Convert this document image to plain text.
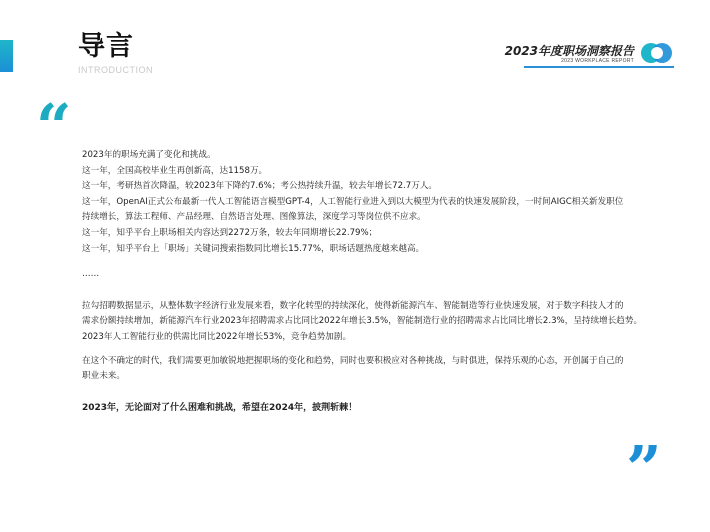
导言
INTRODUCTION
2023年度职场洞察报告
2023 WORKPLACE REPORT
“ 2023年的职场充满了变化和挑战。

这一年，全国高校毕业生再创新高，达1158万。

这一年，考研热首次降温，较2023年下降约7.6%；考公热持续升温，较去年增长72.7万人。

这一年，OpenAI正式公布最新一代人工智能语言模型GPT-4，人工智能行业进入到以大模型为代表的快速发展阶段，一时间AIGC相关新发职位

持续增长，算法工程师、产品经理、自然语言处理、图像算法，深度学习等岗位供不应求。

这一年，知乎平台上职场相关内容达到2272万条，较去年同期增长22.79%；

这一年，知乎平台上「职场」关键词搜索指数同比增长15.77%，职场话题热度越来越高。

……

拉勾招聘数据显示，从整体数字经济行业发展来看，数字化转型的持续深化，使得新能源汽车、智能制造等行业快速发展，对于数字科技人才的

需求份额持续增加，新能源汽车行业2023年招聘需求占比同比2022年增长3.5%，智能制造行业的招聘需求占比同比增长2.3%，呈持续增长趋势。

2023年人工智能行业的供需比同比2022年增长53%，竞争趋势加剧。

在这个不确定的时代，我们需要更加敏锐地把握职场的变化和趋势，同时也要积极应对各种挑战，与时俱进，保持乐观的心态，开创属于自己的

职业未来。

2023年，无论面对了什么困难和挑战，希望在2024年，披荆斩棘！

”
